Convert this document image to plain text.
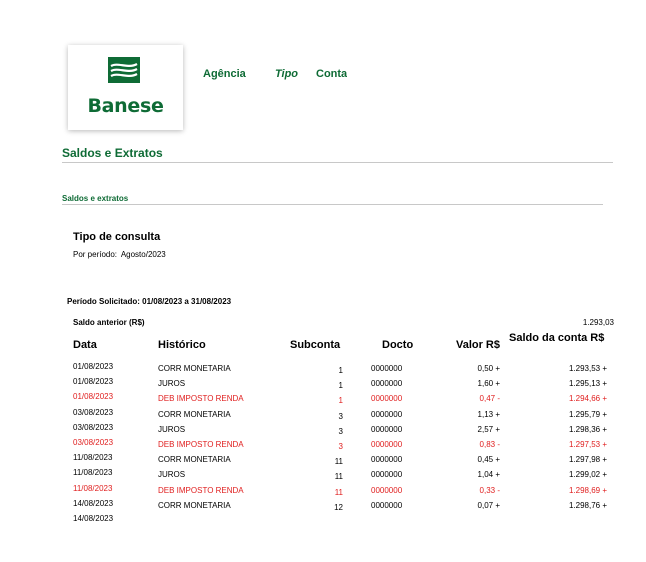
Banese
Agência	Tipo Conta
Saldos e Extratos
Saldos e extratos
Tipo de consulta
Por período: Agosto/2023
Período Solicitado: 01/08/2023 a 31/08/2023
Saldo anterior (R$)	1.293,03
Data	Histórico	Subconta	Docto	Valor R$
Saldo da conta R$
01/08/2023	CORR MONETARIA	1	0000000	0,50 +	1.293,53 +
01/08/2023	JUROS	1	0000000	1,60 +	1.295,13 +
01/08/2023	DEB IMPOSTO RENDA	1	0000000	0,47 -	1.294,66 +
03/08/2023	CORR MONETARIA	3	0000000	1,13 +	1.295,79 +
03/08/2023	JUROS	3	0000000	2,57 +	1.298,36 +
03/08/2023	DEB IMPOSTO RENDA	3	0000000	0,83 -	1.297,53 +
11/08/2023	CORR MONETARIA	11	0000000	0,45 +	1.297,98 +
11/08/2023	JUROS	11	0000000	1,04 +	1.299,02 +
11/08/2023	DEB IMPOSTO RENDA	11	0000000	0,33 -	1.298,69 +
14/08/2023	CORR MONETARIA	12	0000000	0,07 +	1.298,76 +
14/08/2023
